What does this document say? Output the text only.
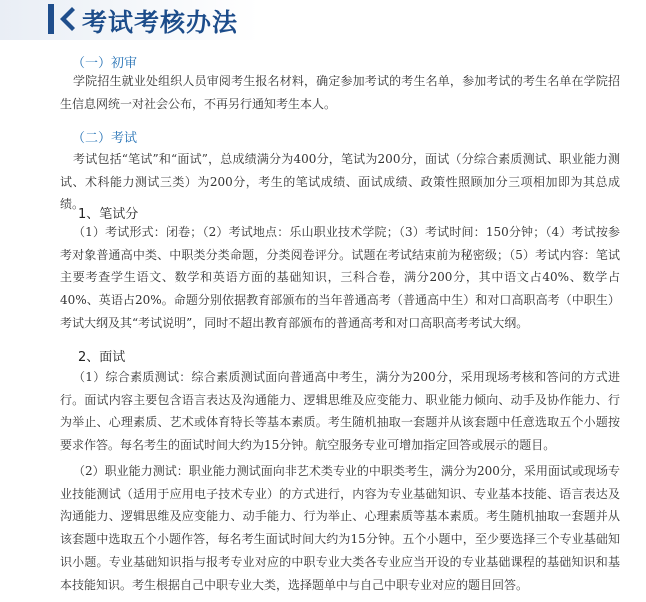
考试考核办法
（一）初审
学院招生就业处组织人员审阅考生报名材料，确定参加考试的考生名单，参加考试的考生名单在学院招生信息网统一对社会公布，不再另行通知考生本人。
（二）考试
考试包括“笔试”和“面试”，总成绩满分为400分，笔试为200分，面试（分综合素质测试、职业能力测试、术科能力测试三类）为200分，考生的笔试成绩、面试成绩、政策性照顾加分三项相加即为其总成绩。
1、笔试分
（1）考试形式：闭卷；（2）考试地点：乐山职业技术学院；（3）考试时间：150分钟；（4）考试按参考对象普通高中类、中职类分类命题，分类阅卷评分。试题在考试结束前为秘密级；（5）考试内容：笔试主要考查学生语文、数学和英语方面的基础知识，三科合卷，满分200分，其中语文占40%、数学占40%、英语占20%。命题分别依据教育部颁布的当年普通高考（普通高中生）和对口高职高考（中职生）考试大纲及其“考试说明”，同时不超出教育部颁布的普通高考和对口高职高考考试大纲。
2、面试
（1）综合素质测试：综合素质测试面向普通高中考生，满分为200分，采用现场考核和答问的方式进行。面试内容主要包含语言表达及沟通能力、逻辑思维及应变能力、职业能力倾向、动手及协作能力、行为举止、心理素质、艺术或体育特长等基本素质。考生随机抽取一套题并从该套题中任意选取五个小题按要求作答。每名考生的面试时间大约为15分钟。航空服务专业可增加指定回答或展示的题目。
（2）职业能力测试：职业能力测试面向非艺术类专业的中职类考生，满分为200分，采用面试或现场专业技能测试（适用于应用电子技术专业）的方式进行，内容为专业基础知识、专业基本技能、语言表达及沟通能力、逻辑思维及应变能力、动手能力、行为举止、心理素质等基本素质。考生随机抽取一套题并从该套题中选取五个小题作答，每名考生面试时间大约为15分钟。五个小题中，至少要选择三个专业基础知识小题。专业基础知识指与报考专业对应的中职专业大类各专业应当开设的专业基础课程的基础知识和基本技能知识。考生根据自己中职专业大类，选择题单中与自己中职专业对应的题目回答。
